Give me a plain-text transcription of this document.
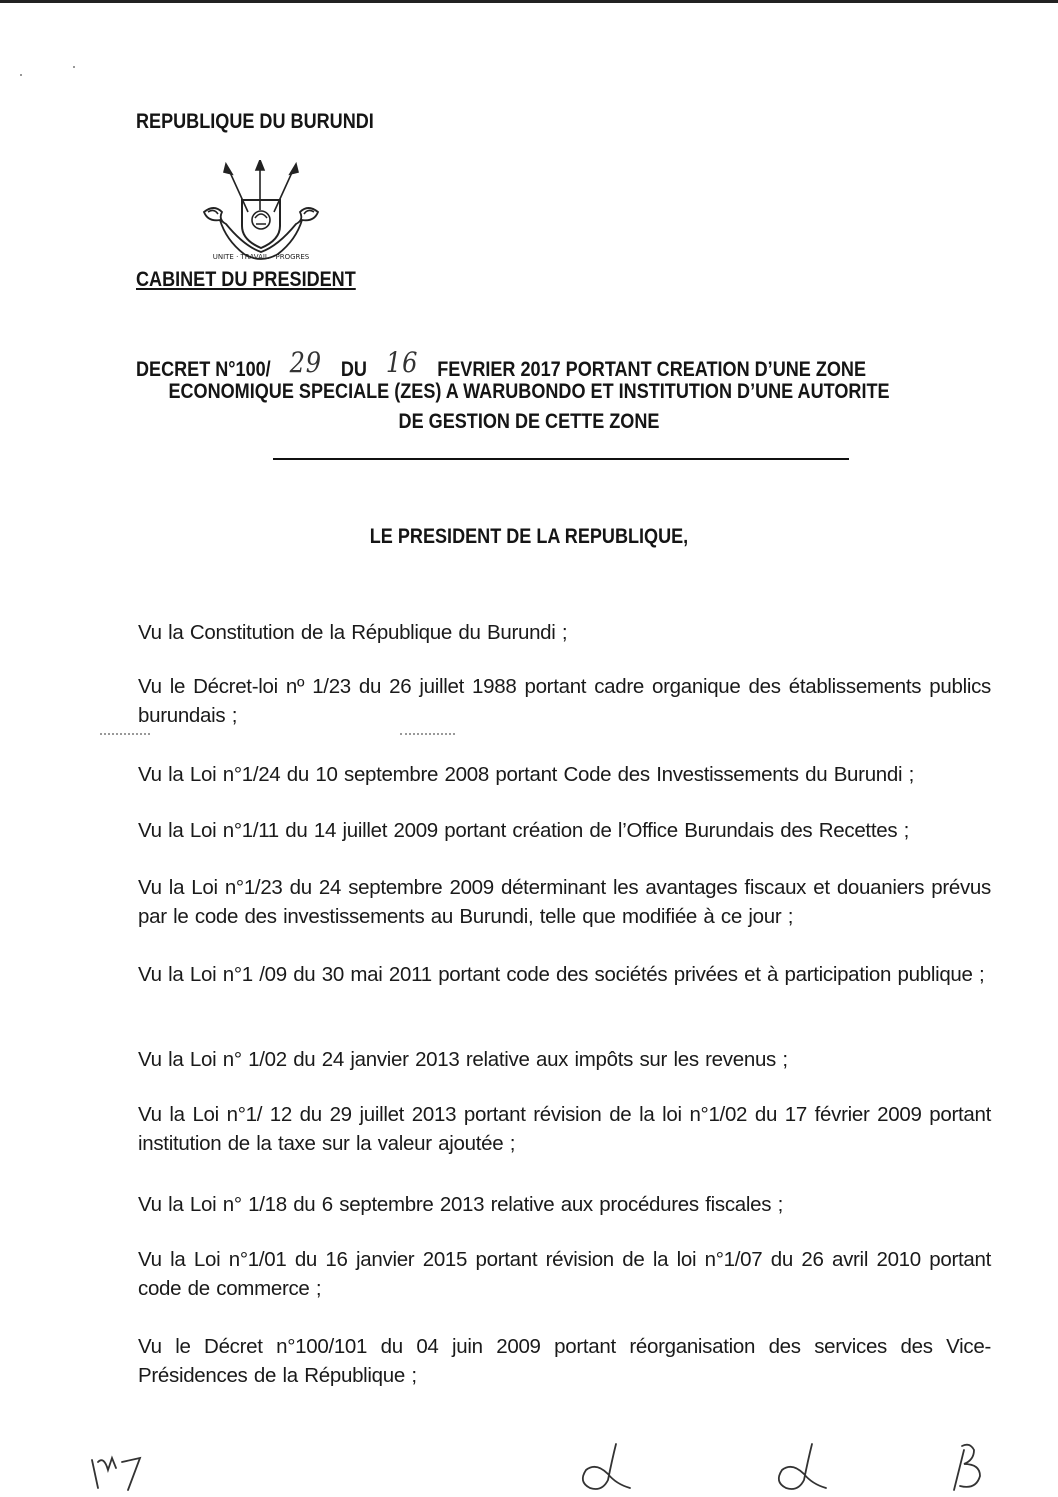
REPUBLIQUE DU BURUNDI
UNITE · TRAVAIL · PROGRES
CABINET DU PRESIDENT
DECRET N°100/ 29 DU 16 FEVRIER 2017 PORTANT CREATION D’UNE ZONE
ECONOMIQUE SPECIALE (ZES) A WARUBONDO ET INSTITUTION D’UNE AUTORITE
DE GESTION DE CETTE ZONE
LE PRESIDENT DE LA REPUBLIQUE,

Vu la Constitution de la République du Burundi ;

Vu le Décret-loi nº 1/23 du 26 juillet 1988 portant cadre organique des établissements publics burundais ;

Vu la Loi n°1/24 du 10 septembre 2008 portant Code des Investissements du Burundi ;

Vu la Loi n°1/11 du 14 juillet 2009 portant création de l’Office Burundais des Recettes ;

Vu la Loi n°1/23 du 24 septembre 2009 déterminant les avantages fiscaux et douaniers prévus par le code des investissements au Burundi, telle que modifiée à ce jour ;

Vu la Loi n°1 /09 du 30 mai 2011 portant code des sociétés privées et à participation publique ;

Vu la Loi n° 1/02 du 24 janvier 2013 relative aux impôts sur les revenus ;

Vu la Loi n°1/ 12 du 29 juillet 2013 portant révision de la loi n°1/02 du 17 février 2009 portant institution de la taxe sur la valeur ajoutée ;

Vu la Loi n° 1/18 du 6 septembre 2013 relative aux procédures fiscales ;

Vu la Loi n°1/01 du 16 janvier 2015 portant révision de la loi n°1/07 du 26 avril 2010 portant code de commerce ;

Vu le Décret n°100/101 du 04 juin 2009 portant réorganisation des services des Vice-Présidences de la République ;
